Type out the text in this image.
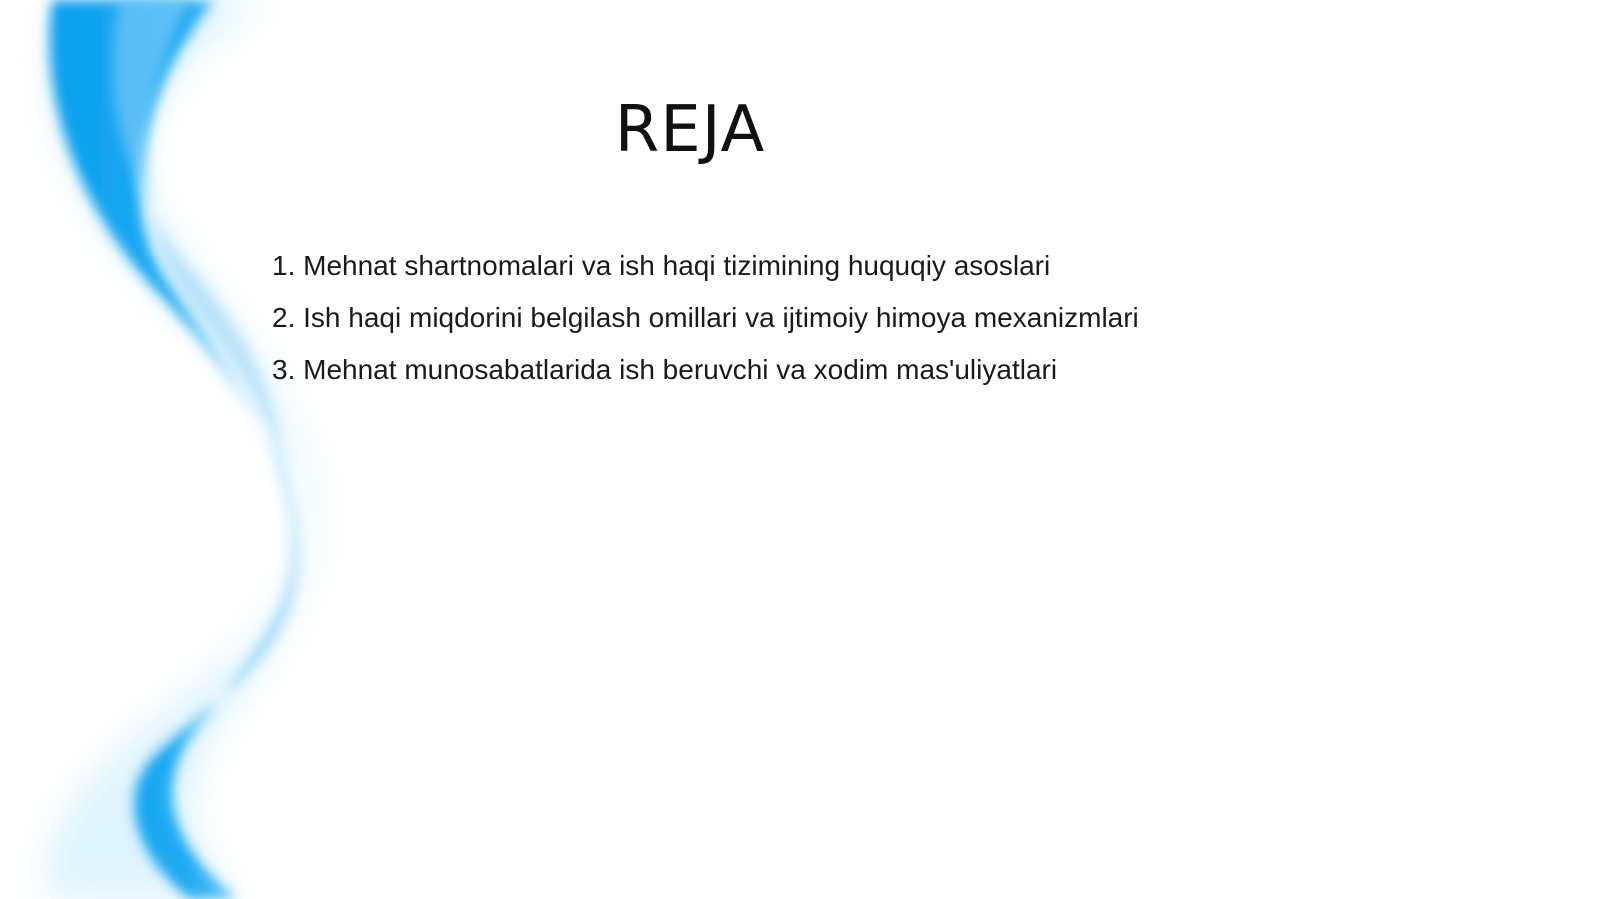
REJA
1. Mehnat shartnomalari va ish haqi tizimining huquqiy asoslari
2. Ish haqi miqdorini belgilash omillari va ijtimoiy himoya mexanizmlari
3. Mehnat munosabatlarida ish beruvchi va xodim mas'uliyatlari
